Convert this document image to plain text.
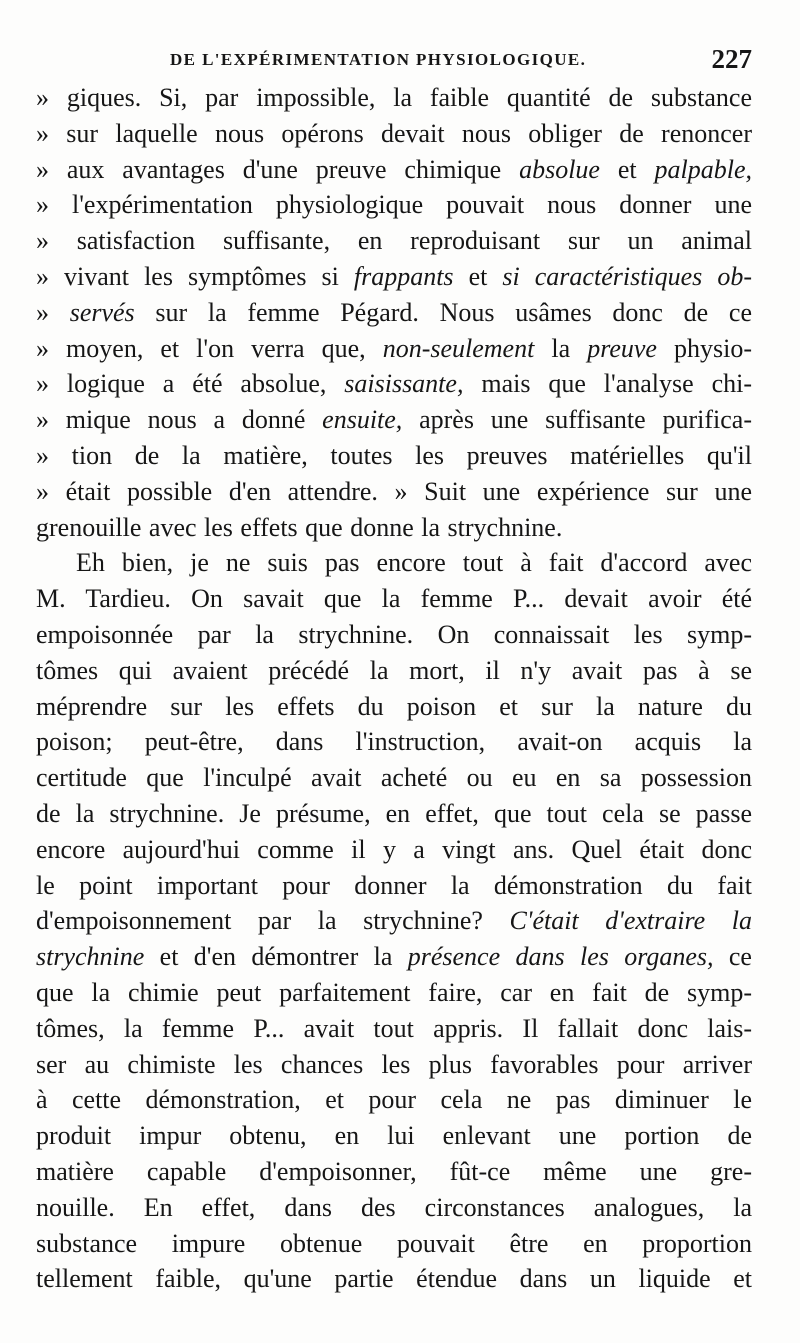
DE L'EXPÉRIMENTATION PHYSIOLOGIQUE.	227
» giques. Si, par impossible, la faible quantité de substance
» sur laquelle nous opérons devait nous obliger de renoncer
» aux avantages d'une preuve chimique absolue et palpable,
» l'expérimentation physiologique pouvait nous donner une
» satisfaction suffisante, en reproduisant sur un animal
» vivant les symptômes si frappants et si caractéristiques ob-
» servés sur la femme Pégard. Nous usâmes donc de ce
» moyen, et l'on verra que, non-seulement la preuve physio-
» logique a été absolue, saisissante, mais que l'analyse chi-
» mique nous a donné ensuite, après une suffisante purifica-
» tion de la matière, toutes les preuves matérielles qu'il
» était possible d'en attendre. » Suit une expérience sur une
grenouille avec les effets que donne la strychnine.
Eh bien, je ne suis pas encore tout à fait d'accord avec
M. Tardieu. On savait que la femme P... devait avoir été
empoisonnée par la strychnine. On connaissait les symp-
tômes qui avaient précédé la mort, il n'y avait pas à se
méprendre sur les effets du poison et sur la nature du
poison; peut-être, dans l'instruction, avait-on acquis la
certitude que l'inculpé avait acheté ou eu en sa possession
de la strychnine. Je présume, en effet, que tout cela se passe
encore aujourd'hui comme il y a vingt ans. Quel était donc
le point important pour donner la démonstration du fait
d'empoisonnement par la strychnine? C'était d'extraire la
strychnine et d'en démontrer la présence dans les organes, ce
que la chimie peut parfaitement faire, car en fait de symp-
tômes, la femme P... avait tout appris. Il fallait donc lais-
ser au chimiste les chances les plus favorables pour arriver
à cette démonstration, et pour cela ne pas diminuer le
produit impur obtenu, en lui enlevant une portion de
matière capable d'empoisonner, fût-ce même une gre-
nouille. En effet, dans des circonstances analogues, la
substance impure obtenue pouvait être en proportion
tellement faible, qu'une partie étendue dans un liquide et
